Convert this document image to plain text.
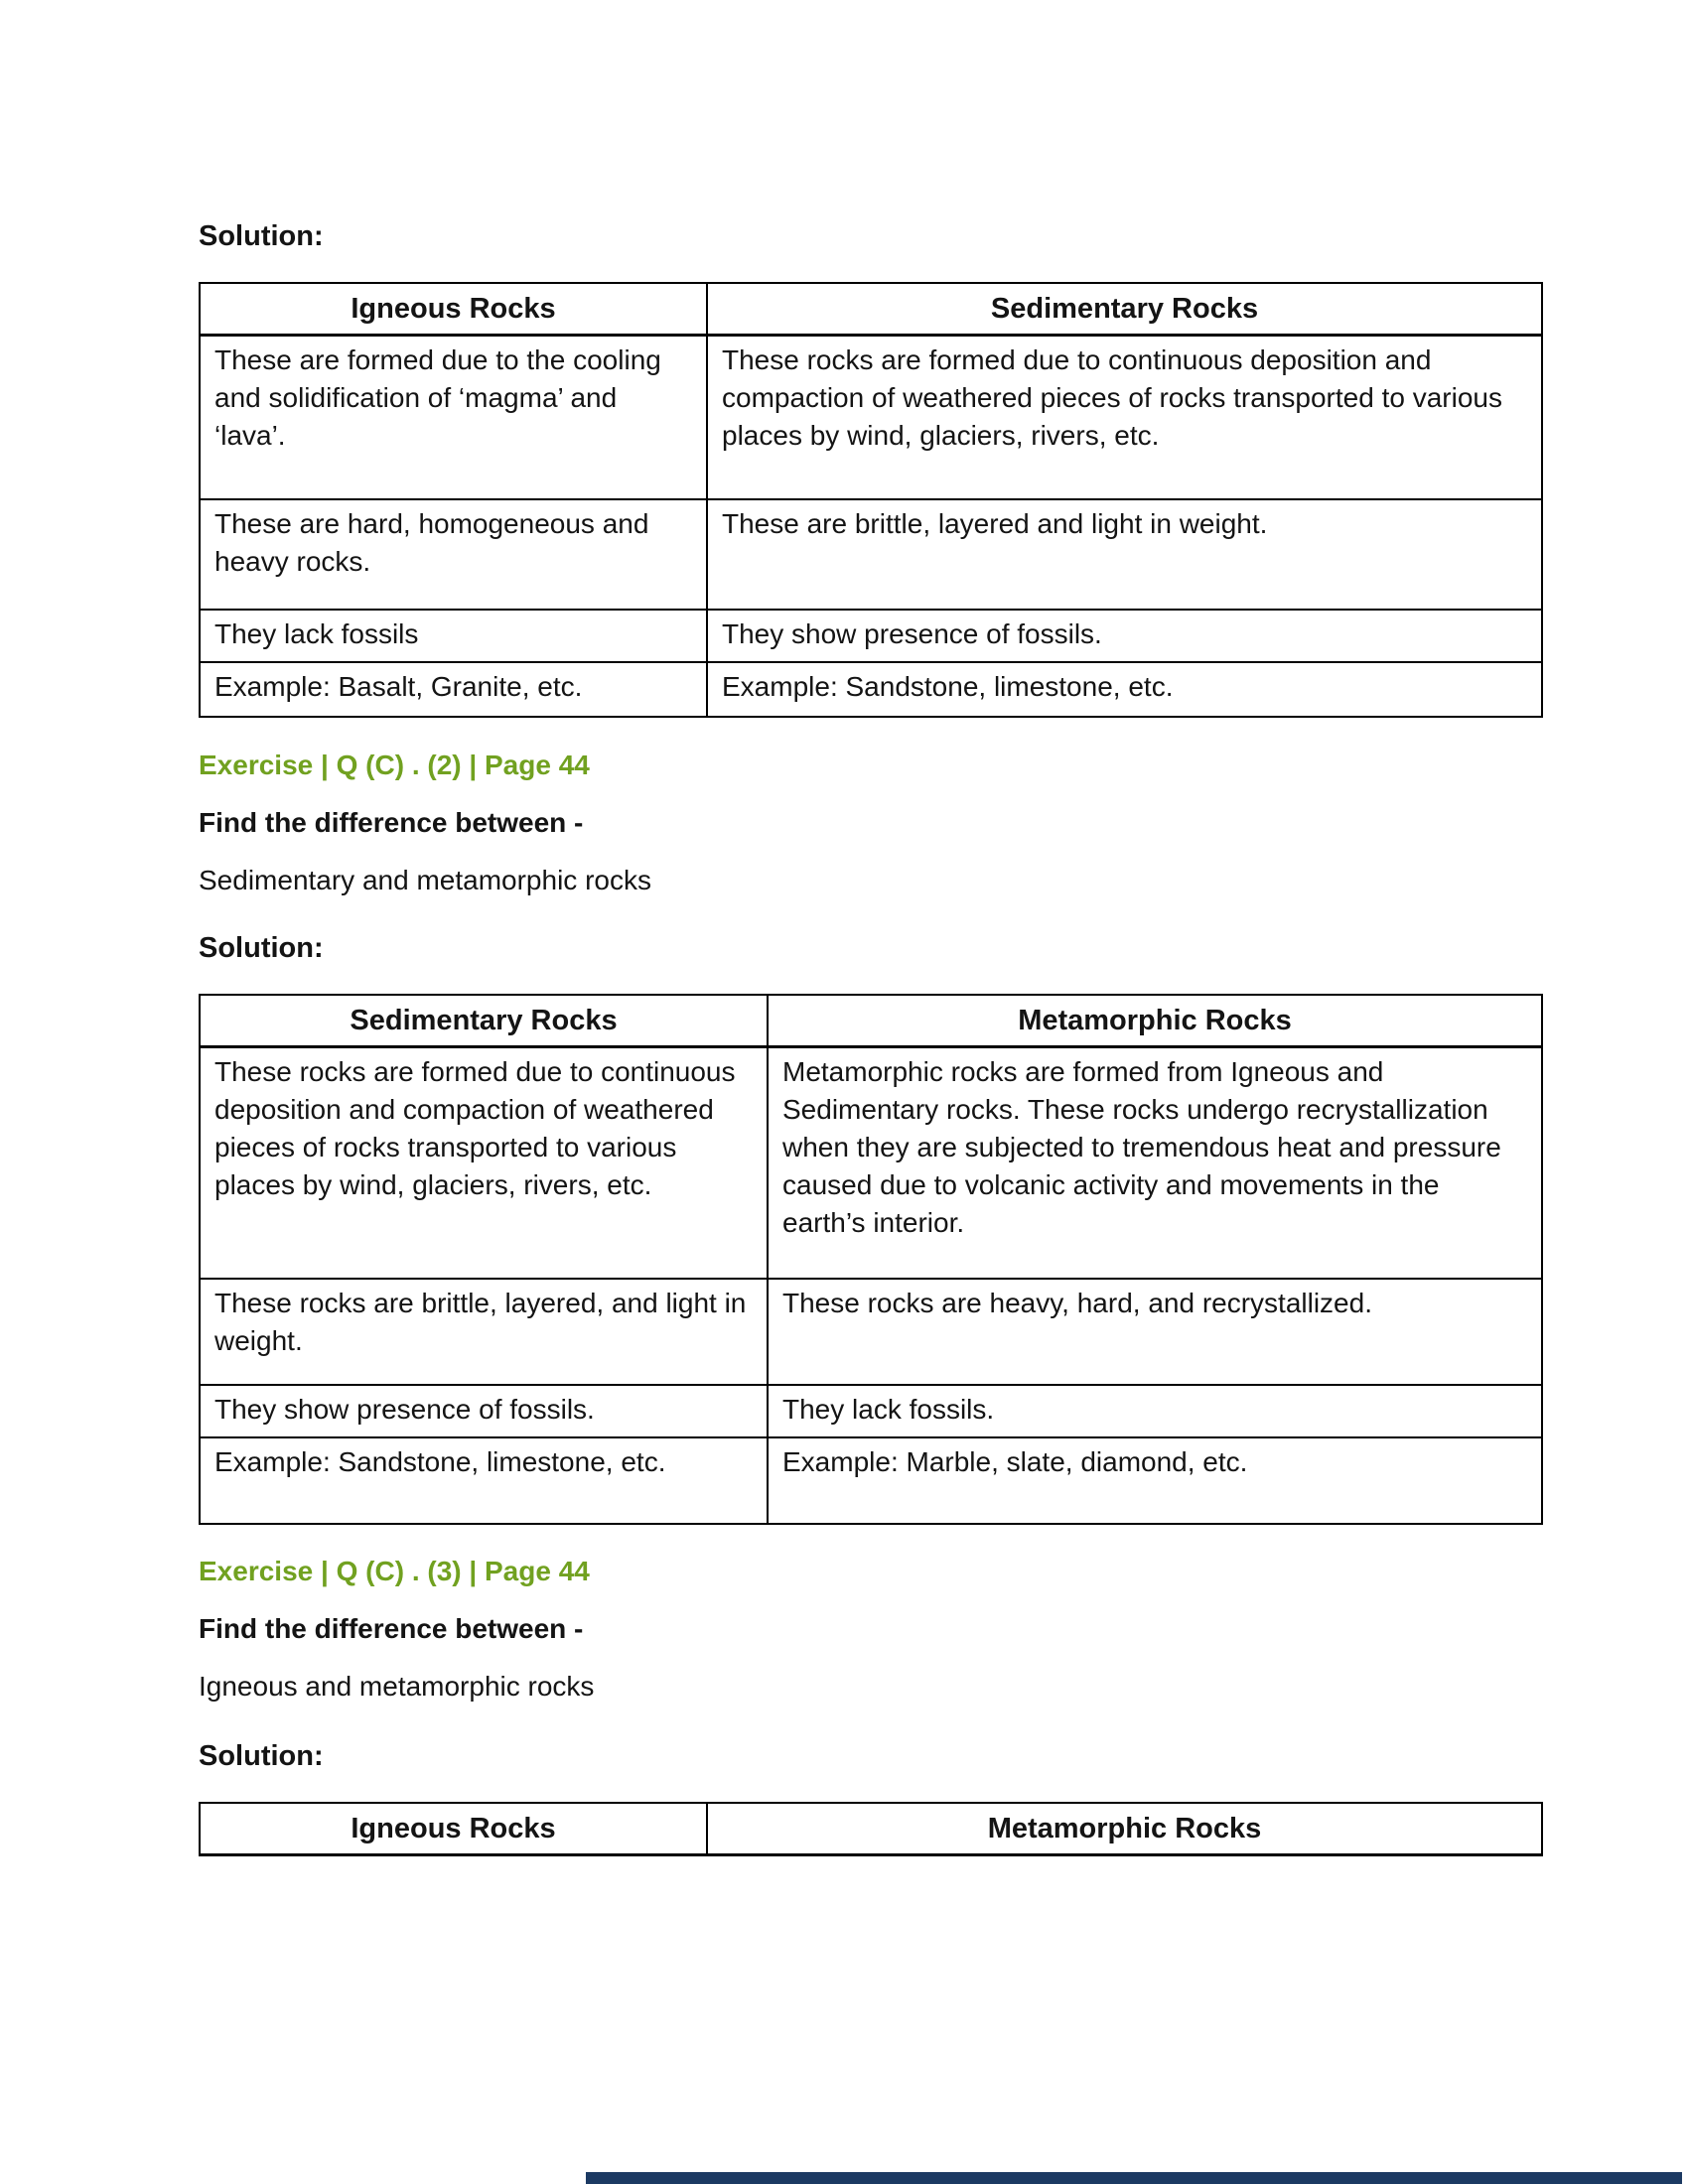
Solution:
Igneous Rocks	Sedimentary Rocks
These are formed due to the cooling and solidification of ‘magma’ and ‘lava’.	These rocks are formed due to continuous deposition and compaction of weathered pieces of rocks transported to various places by wind, glaciers, rivers, etc.
These are hard, homogeneous and heavy rocks.	These are brittle, layered and light in weight.
They lack fossils	They show presence of fossils.
Example: Basalt, Granite, etc.	Example: Sandstone, limestone, etc.
Exercise | Q (C) . (2) | Page 44
Find the difference between -
Sedimentary and metamorphic rocks
Solution:
Sedimentary Rocks	Metamorphic Rocks
These rocks are formed due to continuous deposition and compaction of weathered pieces of rocks transported to various places by wind, glaciers, rivers, etc.	Metamorphic rocks are formed from Igneous and Sedimentary rocks. These rocks undergo recrystallization when they are subjected to tremendous heat and pressure caused due to volcanic activity and movements in the earth’s interior.
These rocks are brittle, layered, and light in weight.	These rocks are heavy, hard, and recrystallized.
They show presence of fossils.	They lack fossils.
Example: Sandstone, limestone, etc.	Example: Marble, slate, diamond, etc.
Exercise | Q (C) . (3) | Page 44
Find the difference between -
Igneous and metamorphic rocks
Solution:
Igneous Rocks	Metamorphic Rocks
